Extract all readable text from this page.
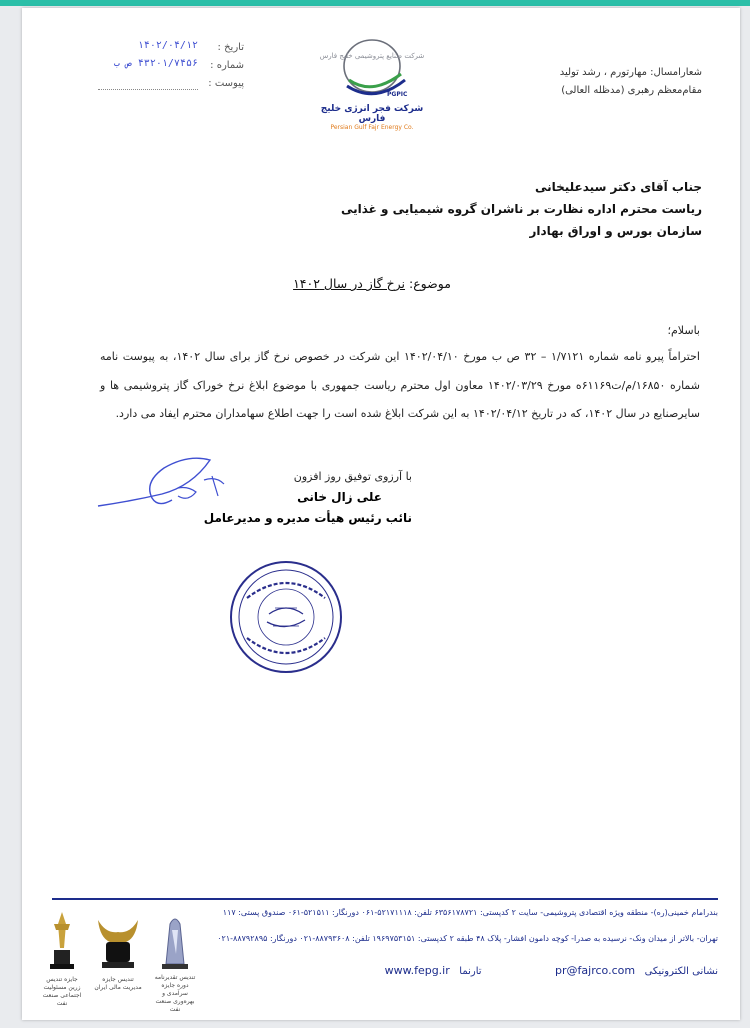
تاریخ :
۱۴۰۲/۰۴/۱۲
شماره :
۴۳۲۰۱/۷۴۵۶ ص ب
پیوست :
PGPIC
شرکت صنایع پتروشیمی خلیج فارس
شرکت فجر انرژی خلیج فارس
Persian Gulf Fajr Energy Co.
شعارامسال: مهارتورم ، رشد تولید
مقام‌معظم رهبری (مدظله العالی)
جناب آقای دکتر سیدعلیخانی
ریاست محترم اداره نظارت بر ناشران گروه شیمیایی و غذایی
سازمان بورس و اوراق بهادار
موضوع: نرخ گاز در سال ۱۴۰۲
باسلام؛
احتراماً پیرو نامه شماره ۱/۷۱۲۱ – ۳۲ ص ب مورخ ۱۴۰۲/۰۴/۱۰ این شرکت در خصوص نرخ گاز برای سال ۱۴۰۲، به پیوست نامه شماره ۱۶۸۵۰/م/ت۶۱۱۶۹ه مورخ ۱۴۰۲/۰۳/۲۹ معاون اول محترم ریاست جمهوری با موضوع ابلاغ نرخ خوراک گاز پتروشیمی ها و سایرصنایع در سال ۱۴۰۲، که در تاریخ ۱۴۰۲/۰۴/۱۲ به این شرکت ابلاغ شده است را جهت اطلاع سهامداران محترم ایفاد می دارد.
با آرزوی توفیق روز افزون
علی زال خانی
نائب رئیس هیأت مدیره و مدیرعامل
بندرامام خمینی(ره)- منطقه ویژه اقتصادی پتروشیمی- سایت ۲ کدپستی: ۶۳۵۶۱۷۸۷۲۱ تلفن: ۵۲۱۷۱۱۱۸-۰۶۱ دورنگار: ۵۲۱۵۱۱-۰۶۱ صندوق پستی: ۱۱۷
تهران- بالاتر از میدان ونک- نرسیده به صدرا- کوچه دامون افشار- پلاک ۴۸ طبقه ۲ کدپستی: ۱۹۶۹۷۵۳۱۵۱ تلفن: ۸۸۷۹۳۶۰۸-۰۲۱ دورنگار: ۸۸۷۹۲۸۹۵-۰۲۱
نشانی الکترونیکی pr@fajrco.com تارنما www.fepg.ir
جایزه تندیس زرین مسئولیت اجتماعی صنعت نفت
تندیس جایزه مدیریت مالی ایران
تندیس تقدیرنامه دوره جایزه سرآمدی و بهره‌وری صنعت نفت
